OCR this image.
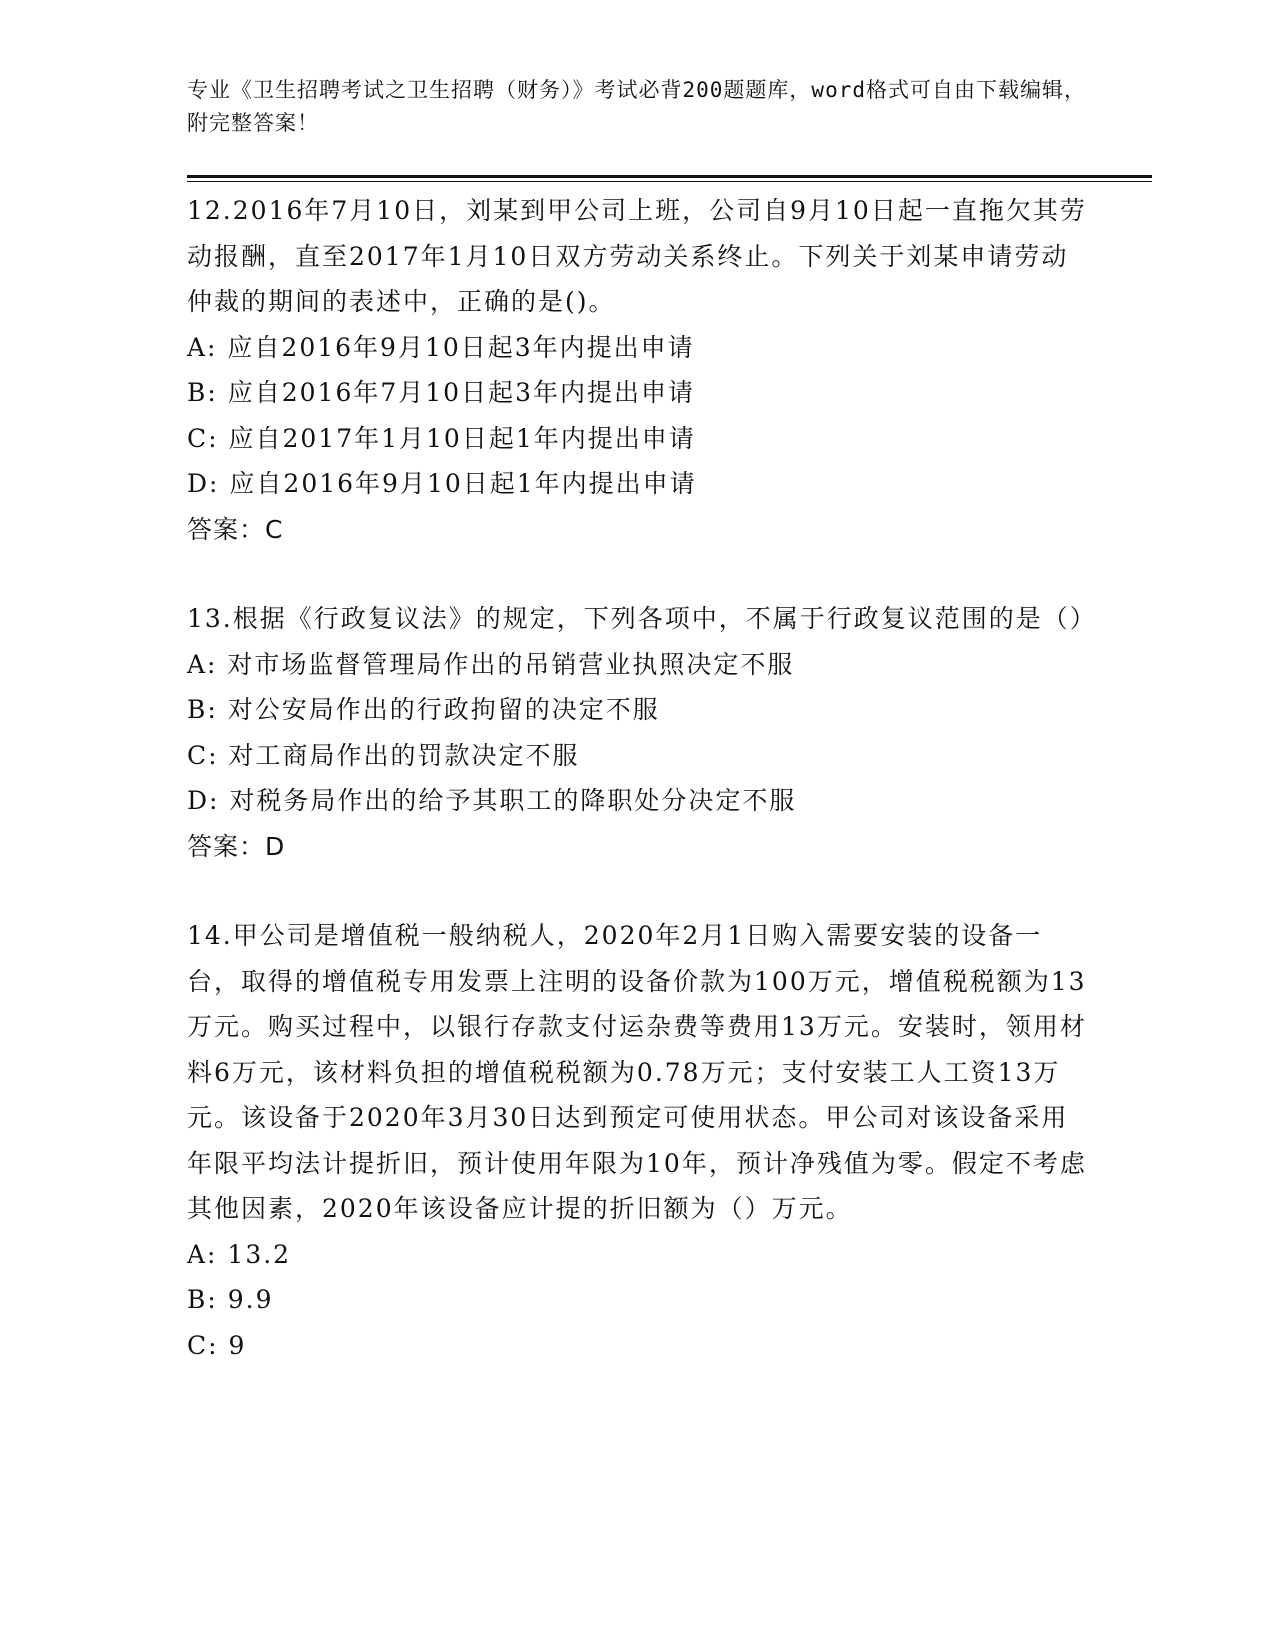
专业《卫生招聘考试之卫生招聘（财务）》考试必背200题题库，word格式可自由下载编辑，附完整答案！
12.2016年7月10日，刘某到甲公司上班，公司自9月10日起一直拖欠其劳动报酬，直至2017年1月10日双方劳动关系终止。下列关于刘某申请劳动仲裁的期间的表述中，正确的是()。
A: 应自2016年9月10日起3年内提出申请
B: 应自2016年7月10日起3年内提出申请
C: 应自2017年1月10日起1年内提出申请
D: 应自2016年9月10日起1年内提出申请
答案：C
13.根据《行政复议法》的规定，下列各项中，不属于行政复议范围的是（）
A: 对市场监督管理局作出的吊销营业执照决定不服
B: 对公安局作出的行政拘留的决定不服
C: 对工商局作出的罚款决定不服
D: 对税务局作出的给予其职工的降职处分决定不服
答案：D
14.甲公司是增值税一般纳税人，2020年2月1日购入需要安装的设备一台，取得的增值税专用发票上注明的设备价款为100万元，增值税税额为13万元。购买过程中，以银行存款支付运杂费等费用13万元。安装时，领用材料6万元，该材料负担的增值税税额为0.78万元；支付安装工人工资13万元。该设备于2020年3月30日达到预定可使用状态。甲公司对该设备采用年限平均法计提折旧，预计使用年限为10年，预计净残值为零。假定不考虑其他因素，2020年该设备应计提的折旧额为（）万元。
A: 13.2
B: 9.9
C: 9
